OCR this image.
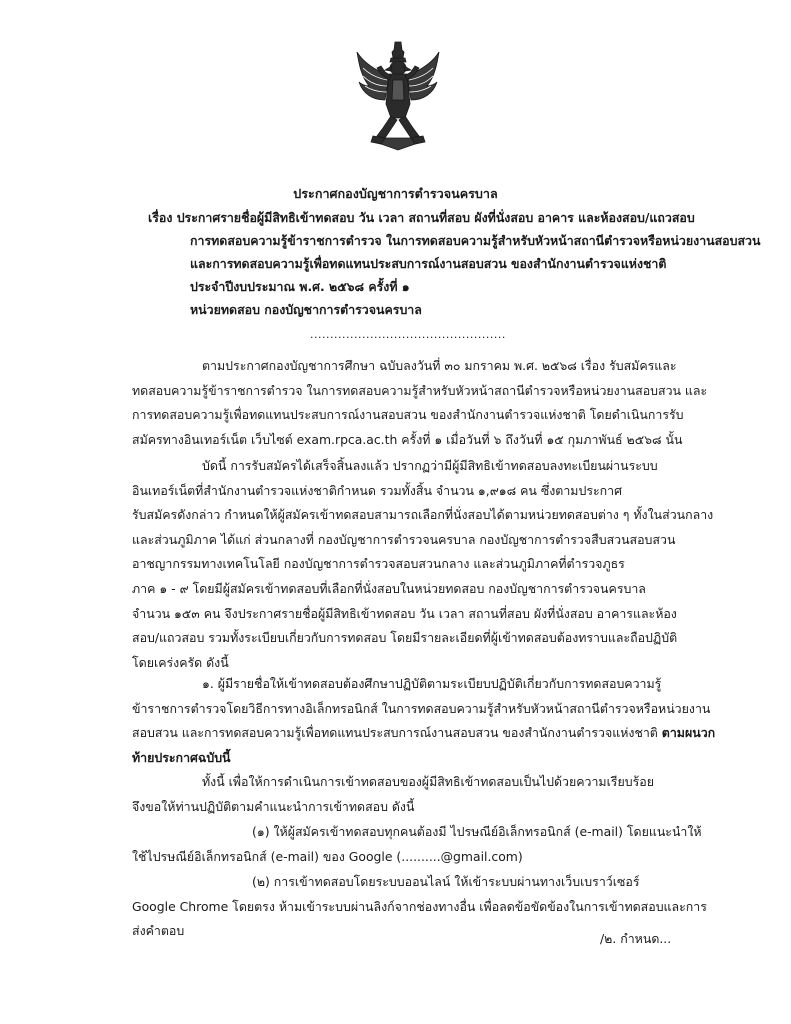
ประกาศกองบัญชาการตำรวจนครบาล
เรื่อง ประกาศรายชื่อผู้มีสิทธิเข้าทดสอบ วัน เวลา สถานที่สอบ ผังที่นั่งสอบ อาคาร และห้องสอบ/แถวสอบ
การทดสอบความรู้ข้าราชการตำรวจ ในการทดสอบความรู้สำหรับหัวหน้าสถานีตำรวจหรือหน่วยงานสอบสวน
และการทดสอบความรู้เพื่อทดแทนประสบการณ์งานสอบสวน ของสำนักงานตำรวจแห่งชาติ
ประจำปีงบประมาณ พ.ศ. ๒๕๖๘ ครั้งที่ ๑
หน่วยทดสอบ กองบัญชาการตำรวจนครบาล
.................................................
ตามประกาศกองบัญชาการศึกษา ฉบับลงวันที่ ๓๐ มกราคม พ.ศ. ๒๕๖๘ เรื่อง รับสมัครและ
ทดสอบความรู้ข้าราชการตำรวจ ในการทดสอบความรู้สำหรับหัวหน้าสถานีตำรวจหรือหน่วยงานสอบสวน และ
การทดสอบความรู้เพื่อทดแทนประสบการณ์งานสอบสวน ของสำนักงานตำรวจแห่งชาติ โดยดำเนินการรับ
สมัครทางอินเทอร์เน็ต เว็บไซต์ exam.rpca.ac.th ครั้งที่ ๑ เมื่อวันที่ ๖ ถึงวันที่ ๑๕ กุมภาพันธ์ ๒๕๖๘ นั้น
บัดนี้ การรับสมัครได้เสร็จสิ้นลงแล้ว ปรากฏว่ามีผู้มีสิทธิเข้าทดสอบลงทะเบียนผ่านระบบ
อินเทอร์เน็ตที่สำนักงานตำรวจแห่งชาติกำหนด รวมทั้งสิ้น จำนวน ๑,๙๑๘ คน ซึ่งตามประกาศ
รับสมัครดังกล่าว กำหนดให้ผู้สมัครเข้าทดสอบสามารถเลือกที่นั่งสอบได้ตามหน่วยทดสอบต่าง ๆ ทั้งในส่วนกลาง
และส่วนภูมิภาค ได้แก่ ส่วนกลางที่ กองบัญชาการตำรวจนครบาล กองบัญชาการตำรวจสืบสวนสอบสวน
อาชญากรรมทางเทคโนโลยี กองบัญชาการตำรวจสอบสวนกลาง และส่วนภูมิภาคที่ตำรวจภูธร
ภาค ๑ - ๙ โดยมีผู้สมัครเข้าทดสอบที่เลือกที่นั่งสอบในหน่วยทดสอบ กองบัญชาการตำรวจนครบาล
จำนวน ๑๕๓ คน จึงประกาศรายชื่อผู้มีสิทธิเข้าทดสอบ วัน เวลา สถานที่สอบ ผังที่นั่งสอบ อาคารและห้อง
สอบ/แถวสอบ รวมทั้งระเบียบเกี่ยวกับการทดสอบ โดยมีรายละเอียดที่ผู้เข้าทดสอบต้องทราบและถือปฏิบัติ
โดยเคร่งครัด ดังนี้
๑. ผู้มีรายชื่อให้เข้าทดสอบต้องศึกษาปฏิบัติตามระเบียบปฏิบัติเกี่ยวกับการทดสอบความรู้
ข้าราชการตำรวจโดยวิธีการทางอิเล็กทรอนิกส์ ในการทดสอบความรู้สำหรับหัวหน้าสถานีตำรวจหรือหน่วยงาน
สอบสวน และการทดสอบความรู้เพื่อทดแทนประสบการณ์งานสอบสวน ของสำนักงานตำรวจแห่งชาติ ตามผนวก
ท้ายประกาศฉบับนี้
ทั้งนี้ เพื่อให้การดำเนินการเข้าทดสอบของผู้มีสิทธิเข้าทดสอบเป็นไปด้วยความเรียบร้อย
จึงขอให้ท่านปฏิบัติตามคำแนะนำการเข้าทดสอบ ดังนี้
(๑) ให้ผู้สมัครเข้าทดสอบทุกคนต้องมี ไปรษณีย์อิเล็กทรอนิกส์ (e-mail) โดยแนะนำให้
ใช้ไปรษณีย์อิเล็กทรอนิกส์ (e-mail) ของ Google (..........@gmail.com)
(๒) การเข้าทดสอบโดยระบบออนไลน์ ให้เข้าระบบผ่านทางเว็บเบราว์เซอร์
Google Chrome โดยตรง ห้ามเข้าระบบผ่านลิงก์จากช่องทางอื่น เพื่อลดข้อขัดข้องในการเข้าทดสอบและการ
ส่งคำตอบ
/๒. กำหนด...
